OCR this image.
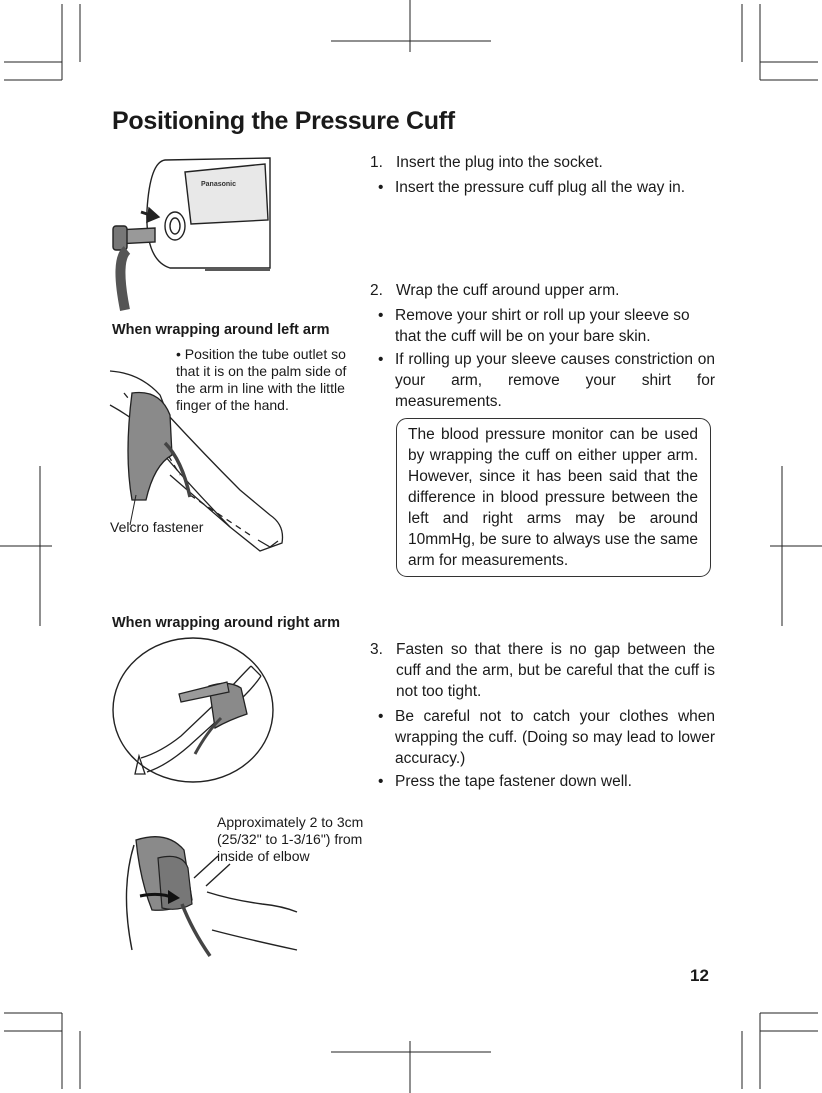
Positioning the Pressure Cuff
Panasonic
When wrapping around left arm
• Position the tube outlet so that it is on the palm side of the arm in line with the little finger of the hand.
Velcro fastener
When wrapping around right arm
Approximately 2 to 3cm (25/32" to 1-3/16") from inside of elbow
1. Insert the plug into the socket.
• Insert the pressure cuff plug all the way in.
2. Wrap the cuff around upper arm.
• Remove your shirt or roll up your sleeve so that the cuff will be on your bare skin.
• If rolling up your sleeve causes constriction on your arm, remove your shirt for measurements.
The blood pressure monitor can be used by wrapping the cuff on either upper arm. However, since it has been said that the difference in blood pressure between the left and right arms may be around 10mmHg, be sure to always use the same arm for measurements.
3. Fasten so that there is no gap between the cuff and the arm, but be careful that the cuff is not too tight.
• Be careful not to catch your clothes when wrapping the cuff. (Doing so may lead to lower accuracy.)
• Press the tape fastener down well.
12
